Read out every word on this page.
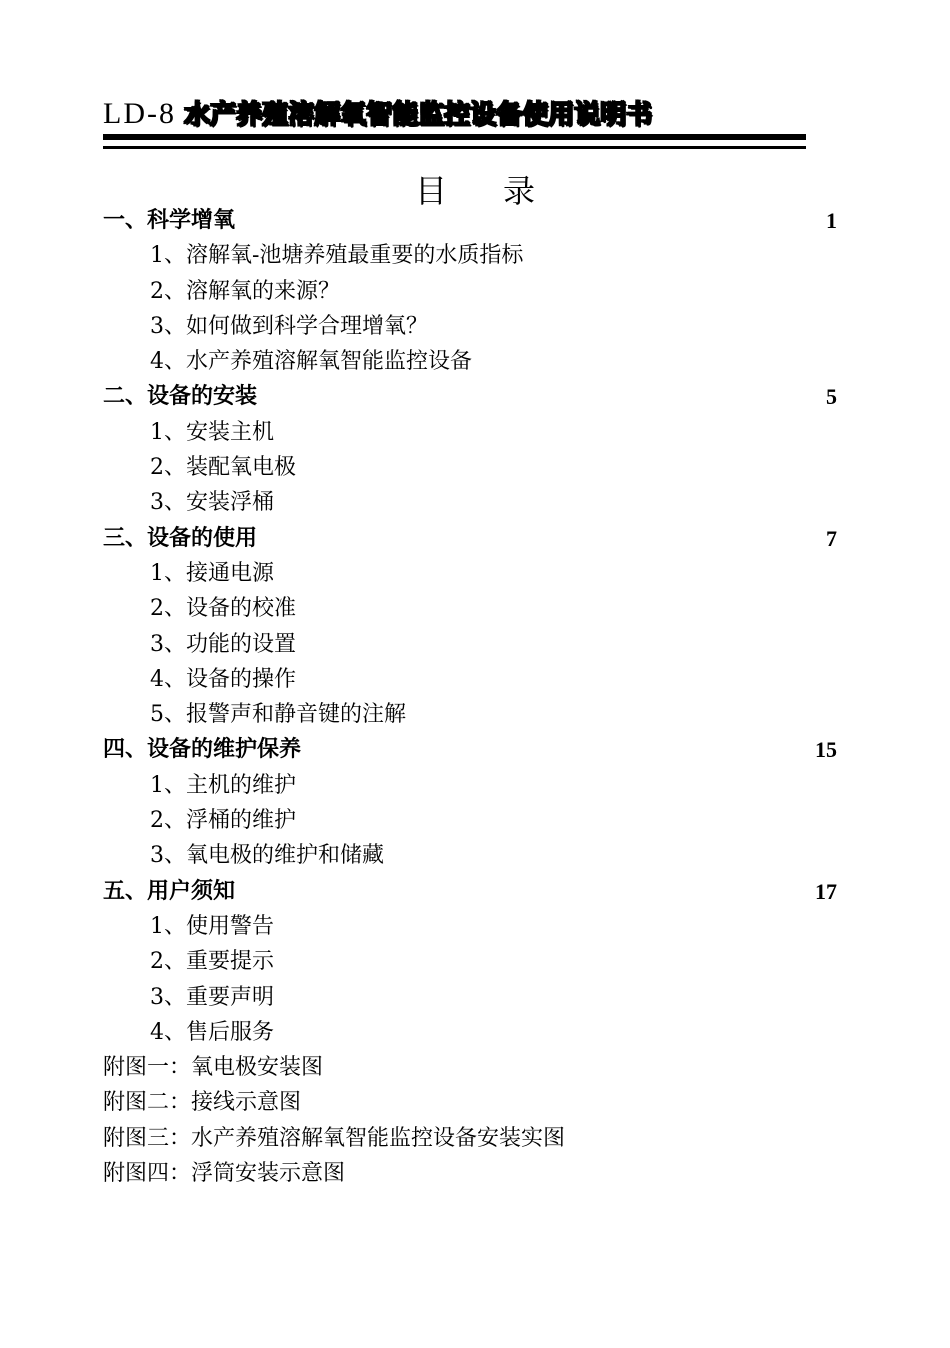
LD-8 水产养殖溶解氧智能监控设备使用说明书
目 录
一、科学增氧	1
1、溶解氧-池塘养殖最重要的水质指标
2、溶解氧的来源？
3、如何做到科学合理增氧？
4、水产养殖溶解氧智能监控设备
二、设备的安装	5
1、安装主机
2、装配氧电极
3、安装浮桶
三、设备的使用	7
1、接通电源
2、设备的校准
3、功能的设置
4、设备的操作
5、报警声和静音键的注解
四、设备的维护保养	15
1、主机的维护
2、浮桶的维护
3、氧电极的维护和储藏
五、用户须知	17
1、使用警告
2、重要提示
3、重要声明
4、售后服务
附图一：氧电极安装图
附图二：接线示意图
附图三：水产养殖溶解氧智能监控设备安装实图
附图四：浮筒安装示意图
